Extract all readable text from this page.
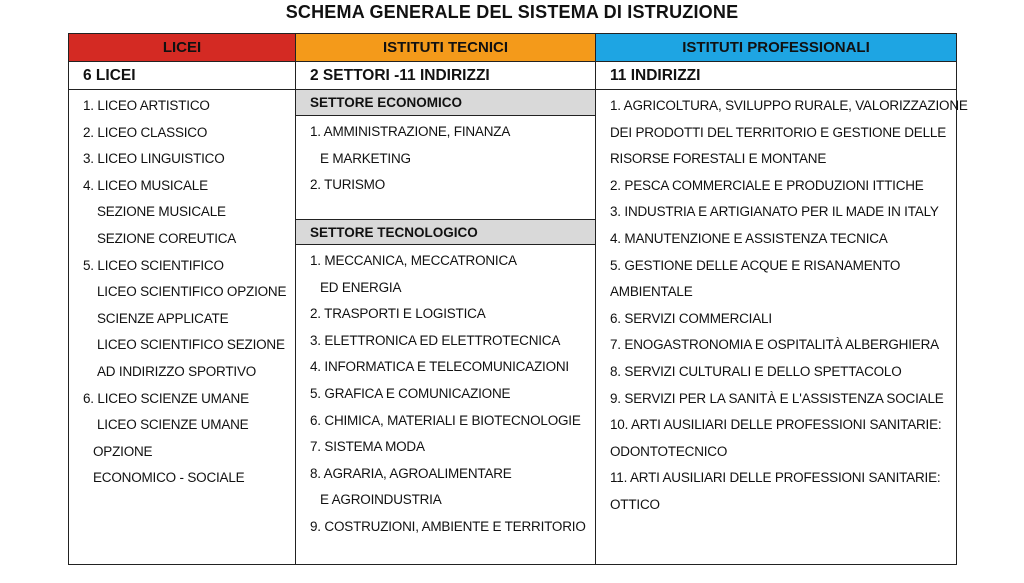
SCHEMA GENERALE DEL SISTEMA DI ISTRUZIONE
LICEI
6 LICEI
1. LICEO ARTISTICO
2. LICEO CLASSICO
3. LICEO LINGUISTICO
4. LICEO MUSICALE
SEZIONE MUSICALE
SEZIONE COREUTICA
5. LICEO SCIENTIFICO
LICEO SCIENTIFICO OPZIONE
SCIENZE APPLICATE
LICEO SCIENTIFICO SEZIONE
AD INDIRIZZO SPORTIVO
6. LICEO SCIENZE UMANE
LICEO SCIENZE UMANE
OPZIONE
ECONOMICO - SOCIALE
ISTITUTI TECNICI
2 SETTORI -11 INDIRIZZI
SETTORE ECONOMICO
1. AMMINISTRAZIONE, FINANZA
E MARKETING
2. TURISMO
SETTORE TECNOLOGICO
1. MECCANICA, MECCATRONICA
ED ENERGIA
2. TRASPORTI E LOGISTICA
3. ELETTRONICA ED ELETTROTECNICA
4. INFORMATICA E TELECOMUNICAZIONI
5. GRAFICA E COMUNICAZIONE
6. CHIMICA, MATERIALI E BIOTECNOLOGIE
7. SISTEMA MODA
8. AGRARIA, AGROALIMENTARE
E AGROINDUSTRIA
9. COSTRUZIONI, AMBIENTE E TERRITORIO
ISTITUTI PROFESSIONALI
11 INDIRIZZI
1. AGRICOLTURA, SVILUPPO RURALE, VALORIZZAZIONE
DEI PRODOTTI DEL TERRITORIO E GESTIONE DELLE
RISORSE FORESTALI E MONTANE
2. PESCA COMMERCIALE E PRODUZIONI ITTICHE
3. INDUSTRIA E ARTIGIANATO PER IL MADE IN ITALY
4. MANUTENZIONE E ASSISTENZA TECNICA
5. GESTIONE DELLE ACQUE E RISANAMENTO
AMBIENTALE
6. SERVIZI COMMERCIALI
7. ENOGASTRONOMIA E OSPITALITÀ ALBERGHIERA
8. SERVIZI CULTURALI E DELLO SPETTACOLO
9. SERVIZI PER LA SANITÀ E L'ASSISTENZA SOCIALE
10. ARTI AUSILIARI DELLE PROFESSIONI SANITARIE:
ODONTOTECNICO
11. ARTI AUSILIARI DELLE PROFESSIONI SANITARIE:
OTTICO
